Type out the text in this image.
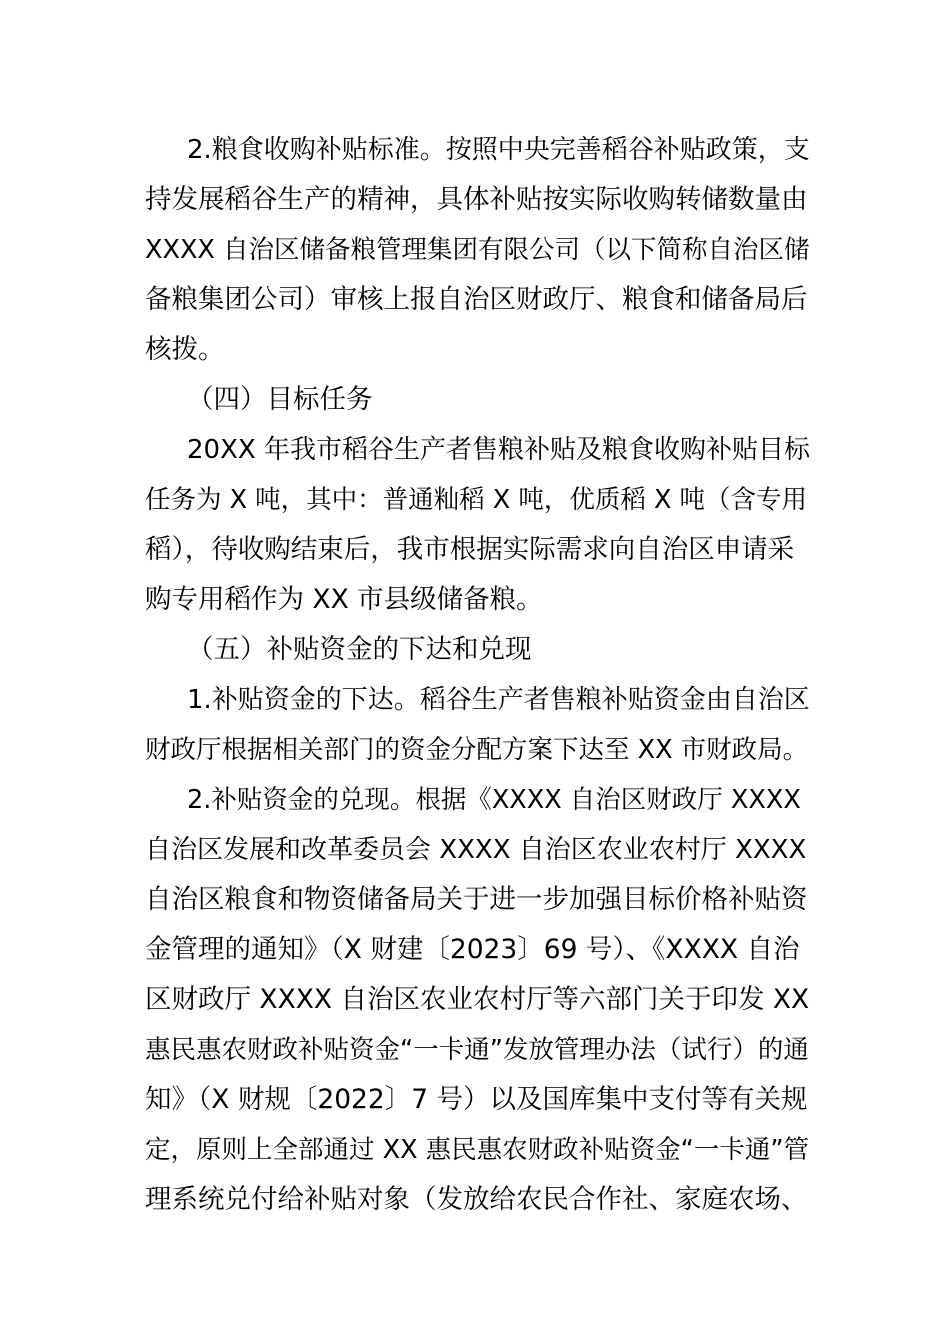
2.粮食收购补贴标准。按照中央完善稻谷补贴政策，支
持发展稻谷生产的精神，具体补贴按实际收购转储数量由
XXXX 自治区储备粮管理集团有限公司（以下简称自治区储
备粮集团公司）审核上报自治区财政厅、粮食和储备局后
核拨。
（四）目标任务
20XX 年我市稻谷生产者售粮补贴及粮食收购补贴目标
任务为 X 吨，其中：普通籼稻 X 吨，优质稻 X 吨（含专用
稻），待收购结束后，我市根据实际需求向自治区申请采
购专用稻作为 XX 市县级储备粮。
（五）补贴资金的下达和兑现
1.补贴资金的下达。稻谷生产者售粮补贴资金由自治区
财政厅根据相关部门的资金分配方案下达至 XX 市财政局。
2.补贴资金的兑现。根据《XXXX 自治区财政厅 XXXX
自治区发展和改革委员会 XXXX 自治区农业农村厅 XXXX
自治区粮食和物资储备局关于进一步加强目标价格补贴资
金管理的通知》（X 财建〔2023〕69 号）、《XXXX 自治
区财政厅 XXXX 自治区农业农村厅等六部门关于印发 XX
惠民惠农财政补贴资金“一卡通”发放管理办法（试行）的通
知》（X 财规〔2022〕7 号）以及国库集中支付等有关规
定，原则上全部通过 XX 惠民惠农财政补贴资金“一卡通”管
理系统兑付给补贴对象（发放给农民合作社、家庭农场、
